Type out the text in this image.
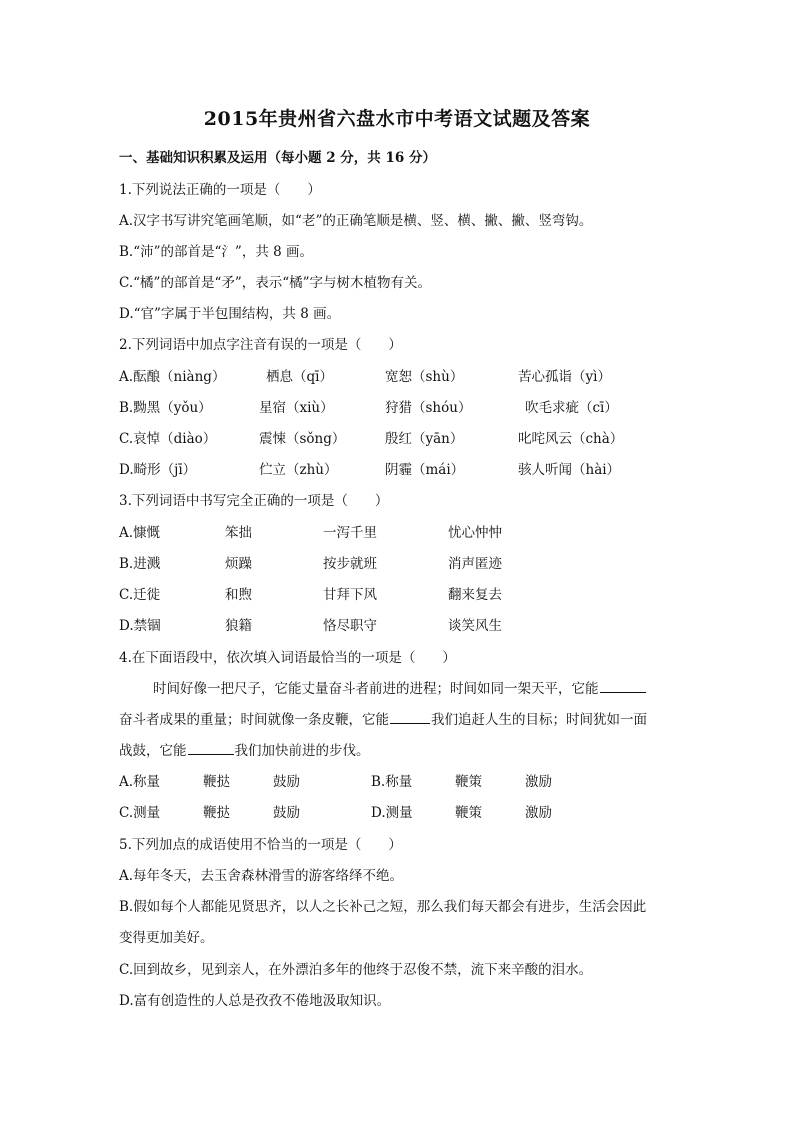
2015年贵州省六盘水市中考语文试题及答案
一、基础知识积累及运用（每小题 2 分，共 16 分）
1.下列说法正确的一项是（　　）
A.汉字书写讲究笔画笔顺，如“老”的正确笔顺是横、竖、横、撇、撇、竖弯钩。
B.“沛”的部首是“氵”，共 8 画。
C.“橘”的部首是“矛”，表示“橘”字与树木植物有关。
D.“官”字属于半包围结构，共 8 画。
2.下列词语中加点字注音有误的一项是（　　）
A.酝酿（niàng）	栖息（qī）	宽恕（shù）	苦心孤诣（yì）
B.黝黑（yǒu）	星宿（xiù）	狩猎（shóu）	吹毛求疵（cī）
C.哀悼（diào）	震悚（sǒng）	殷红（yān）	叱咤风云（chà）
D.畸形（jī）	伫立（zhù）	阴霾（mái）	骇人听闻（hài）
3.下列词语中书写完全正确的一项是（　　）
A.慷慨	笨拙	一泻千里	忧心忡忡
B.进溅	烦躁	按步就班	消声匿迹
C.迁徙	和煦	甘拜下风	翻来复去
D.禁锢	狼籍	恪尽职守	谈笑风生
4.在下面语段中，依次填入词语最恰当的一项是（　　）
时间好像一把尺子，它能丈量奋斗者前进的进程；时间如同一架天平，它能
奋斗者成果的重量；时间就像一条皮鞭，它能	我们追赶人生的目标；时间犹如一面
战鼓，它能	我们加快前进的步伐。
A.称量	鞭挞	鼓励	B.称量	鞭策	激励
C.测量	鞭挞	鼓励	D.测量	鞭策	激励
5.下列加点的成语使用不恰当的一项是（　　）
A.每年冬天，去玉舍森林滑雪的游客络绎不绝。
B.假如每个人都能见贤思齐，以人之长补己之短，那么我们每天都会有进步，生活会因此
变得更加美好。
C.回到故乡，见到亲人，在外漂泊多年的他终于忍俊不禁，流下来辛酸的泪水。
D.富有创造性的人总是孜孜不倦地汲取知识。
